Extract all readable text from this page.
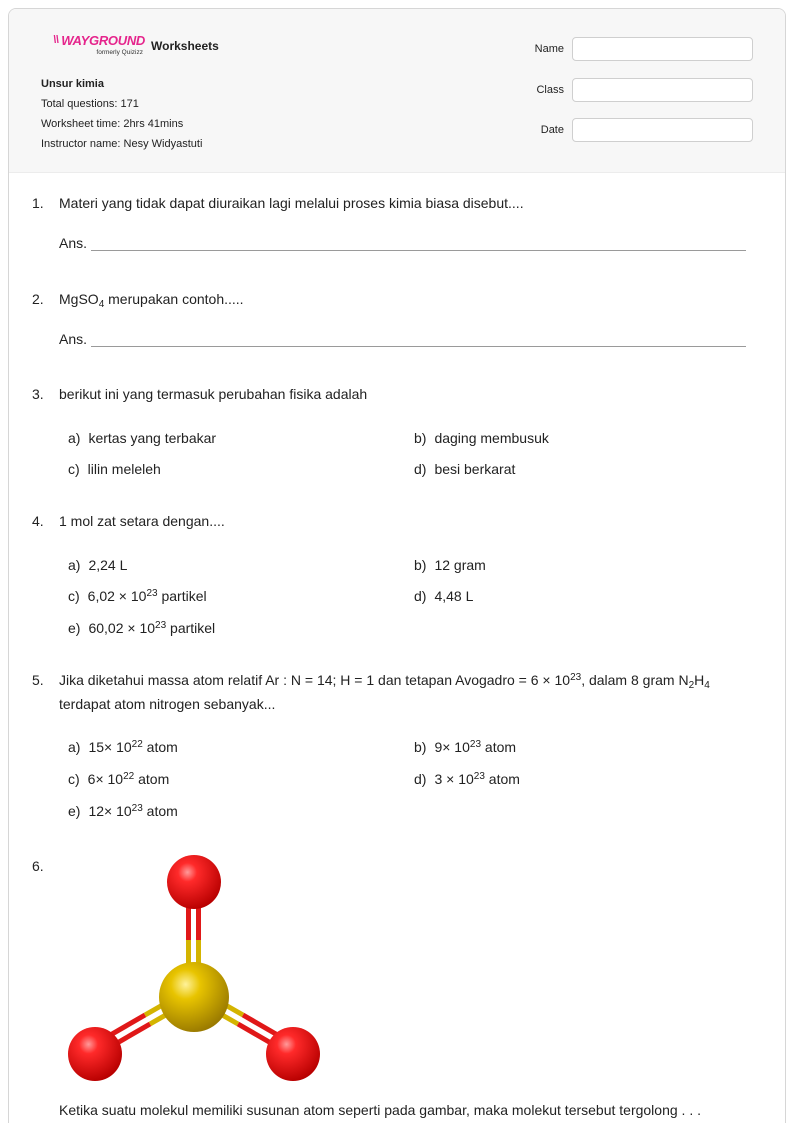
\\ WAYGROUND
formerly Quizizz Worksheets
Unsur kimia
Total questions: 171
Worksheet time: 2hrs 41mins
Instructor name: Nesy Widyastuti
Name
Class
Date
1. Materi yang tidak dapat diuraikan lagi melalui proses kimia biasa disebut....
Ans.
2. MgSO$_4$ merupakan contoh.....
Ans.
3. berikut ini yang termasuk perubahan fisika adalah
a) kertas yang terbakar	b) daging membusuk
c) lilin meleleh	d) besi berkarat
4. 1 mol zat setara dengan....
a) 2,24 L	b) 12 gram
c) $6,02 \times 10^{23}$ partikel	d) 4,48 L
e) $60,02 \times 10^{23}$ partikel
5. Jika diketahui massa atom relatif Ar : N = 14; H = 1 dan tetapan Avogadro = $6 \times 10^{23}$, dalam 8 gram $N_2H_4$
terdapat atom nitrogen sebanyak...
a) $15\times 10^{22}$ atom	b) $9\times 10^{23}$ atom
c) $6\times 10^{22}$ atom	d) $3 \times 10^{23}$ atom
e) $12\times 10^{23}$ atom
6.
Ketika suatu molekul memiliki susunan atom seperti pada gambar, maka molekut tersebut tergolong . . .
